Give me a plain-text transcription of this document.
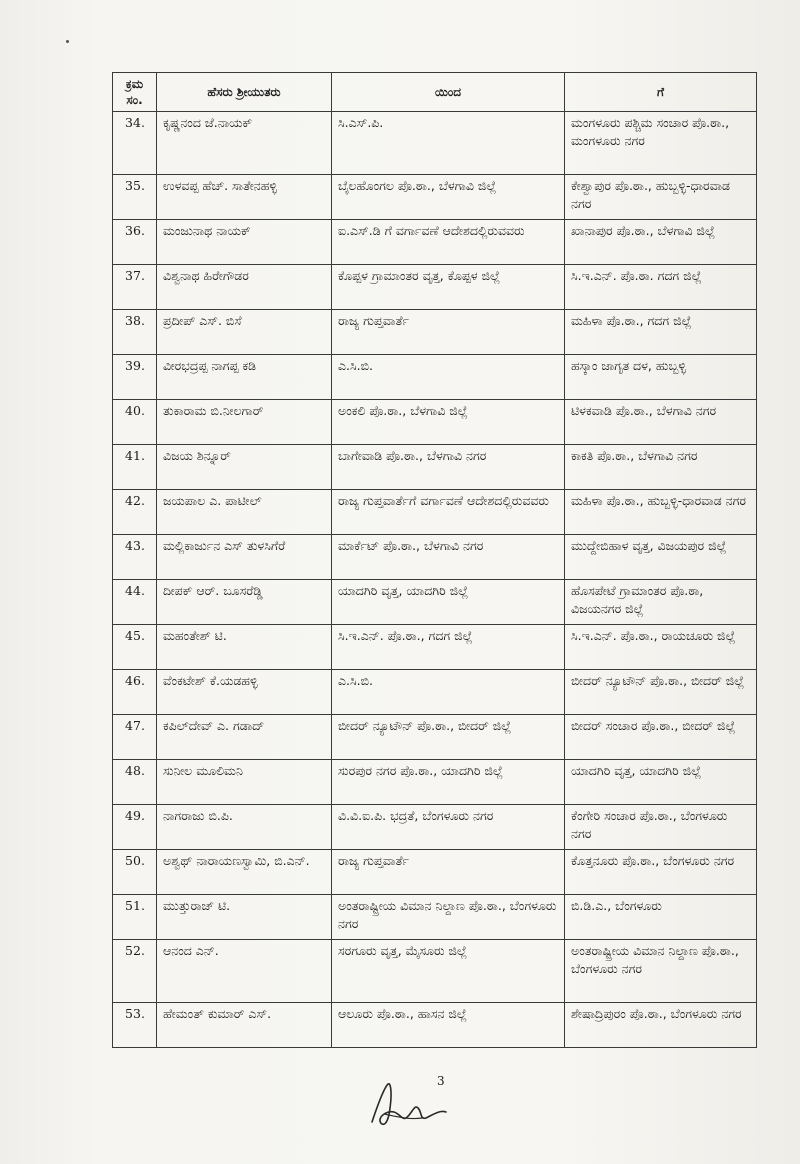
ಕ್ರಮ ಸಂ.	ಹೆಸರು ಶ್ರೀಯುತರು	ಯಿಂದ	ಗೆ
34.	ಕೃಷ್ಣನಂದ ಜೆ.ನಾಯಕ್	ಸಿ.ಎಸ್.ಪಿ.	ಮಂಗಳೂರು ಪಶ್ಚಿಮ ಸಂಚಾರ ಪೊ.ಠಾ., ಮಂಗಳೂರು ನಗರ
35.	ಉಳವಪ್ಪ ಹೆಚ್. ಸಾತೇನಹಳ್ಳಿ	ಬೈಲಹೊಂಗಲ ಪೊ.ಠಾ., ಬೆಳಗಾವಿ ಜಿಲ್ಲೆ	ಕೇಶ್ವಾಪುರ ಪೊ.ಠಾ., ಹುಬ್ಬಳ್ಳಿ-ಧಾರವಾಡ ನಗರ
36.	ಮಂಜುನಾಥ ನಾಯಕ್	ಐ.ಎಸ್.ಡಿ ಗೆ ವರ್ಗಾವಣೆ ಆದೇಶದಲ್ಲಿರುವವರು	ಖಾನಾಪುರ ಪೊ.ಠಾ., ಬೆಳಗಾವಿ ಜಿಲ್ಲೆ
37.	ವಿಶ್ವನಾಥ ಹಿರೇಗೌಡರ	ಕೊಪ್ಪಳ ಗ್ರಾಮಾಂತರ ವೃತ್ತ, ಕೊಪ್ಪಳ ಜಿಲ್ಲೆ	ಸಿ.ಇ.ಎನ್. ಪೊ.ಠಾ. ಗದಗ ಜಿಲ್ಲೆ
38.	ಪ್ರದೀಪ್ ಎಸ್. ಬಿಸೆ	ರಾಜ್ಯ ಗುಪ್ತವಾರ್ತೆ	ಮಹಿಳಾ ಪೊ.ಠಾ., ಗದಗ ಜಿಲ್ಲೆ
39.	ವೀರಭದ್ರಪ್ಪ ನಾಗಪ್ಪ ಕಡಿ	ಎ.ಸಿ.ಬಿ.	ಹಸ್ಕಾಂ ಜಾಗೃತ ದಳ, ಹುಬ್ಬಳ್ಳಿ
40.	ತುಕಾರಾಮ ಬಿ.ನೀಲಗಾರ್	ಅಂಕಲಿ ಪೊ.ಠಾ., ಬೆಳಗಾವಿ ಜಿಲ್ಲೆ	ಟಿಳಕವಾಡಿ ಪೊ.ಠಾ., ಬೆಳಗಾವಿ ನಗರ
41.	ವಿಜಯ ಶಿನ್ನೂರ್	ಬಾಗೇವಾಡಿ ಪೊ.ಠಾ., ಬೆಳಗಾವಿ ನಗರ	ಕಾಕತಿ ಪೊ.ಠಾ., ಬೆಳಗಾವಿ ನಗರ
42.	ಜಯಪಾಲ ಎ. ಪಾಟೀಲ್	ರಾಜ್ಯ ಗುಪ್ತವಾರ್ತೆಗೆ ವರ್ಗಾವಣೆ ಆದೇಶದಲ್ಲಿರುವವರು	ಮಹಿಳಾ ಪೊ.ಠಾ., ಹುಬ್ಬಳ್ಳಿ-ಧಾರವಾಡ ನಗರ
43.	ಮಲ್ಲಿಕಾರ್ಜುನ ಎಸ್ ತುಳಸಿಗೆರೆ	ಮಾರ್ಕೆಟ್ ಪೊ.ಠಾ., ಬೆಳಗಾವಿ ನಗರ	ಮುದ್ದೇಬಿಹಾಳ ವೃತ್ತ, ವಿಜಯಪುರ ಜಿಲ್ಲೆ
44.	ದೀಪಕ್ ಆರ್. ಬೂಸರೆಡ್ಡಿ	ಯಾದಗಿರಿ ವೃತ್ತ, ಯಾದಗಿರಿ ಜಿಲ್ಲೆ	ಹೊಸಪೇಟೆ ಗ್ರಾಮಾಂತರ ಪೊ.ಠಾ, ವಿಜಯನಗರ ಜಿಲ್ಲೆ
45.	ಮಹಂತೇಶ್ ಟಿ.	ಸಿ.ಇ.ಎನ್. ಪೊ.ಠಾ., ಗದಗ ಜಿಲ್ಲೆ	ಸಿ.ಇ.ಎನ್. ಪೊ.ಠಾ., ರಾಯಚೂರು ಜಿಲ್ಲೆ
46.	ವೆಂಕಟೇಶ್ ಕೆ.ಯಡಹಳ್ಳಿ	ಎ.ಸಿ.ಬಿ.	ಬೀದರ್ ನ್ಯೂಟೌನ್ ಪೊ.ಠಾ., ಬೀದರ್ ಜಿಲ್ಲೆ
47.	ಕಪಿಲ್‌ದೇವ್ ಎ. ಗಡಾದ್	ಬೀದರ್ ನ್ಯೂಟೌನ್ ಪೊ.ಠಾ., ಬೀದರ್ ಜಿಲ್ಲೆ	ಬೀದರ್ ಸಂಚಾರ ಪೊ.ಠಾ., ಬೀದರ್ ಜಿಲ್ಲೆ
48.	ಸುನೀಲ ಮೂಲಿಮನಿ	ಸುರಪುರ ನಗರ ಪೊ.ಠಾ., ಯಾದಗಿರಿ ಜಿಲ್ಲೆ	ಯಾದಗಿರಿ ವೃತ್ತ, ಯಾದಗಿರಿ ಜಿಲ್ಲೆ
49.	ನಾಗರಾಜು ಬಿ.ಪಿ.	ವಿ.ವಿ.ಐ.ಪಿ. ಭದ್ರತೆ, ಬೆಂಗಳೂರು ನಗರ	ಕೆಂಗೇರಿ ಸಂಚಾರ ಪೊ.ಠಾ., ಬೆಂಗಳೂರು ನಗರ
50.	ಅಶ್ವಥ್ ನಾರಾಯಣಸ್ವಾಮಿ, ಬಿ.ಎನ್.	ರಾಜ್ಯ ಗುಪ್ತವಾರ್ತೆ	ಕೊತ್ತನೂರು ಪೊ.ಠಾ., ಬೆಂಗಳೂರು ನಗರ
51.	ಮುತ್ತುರಾಜ್ ಟಿ.	ಅಂತರಾಷ್ಟ್ರೀಯ ವಿಮಾನ ನಿಲ್ದಾಣ ಪೊ.ಠಾ., ಬೆಂಗಳೂರು ನಗರ	ಬಿ.ಡಿ.ಎ., ಬೆಂಗಳೂರು
52.	ಆನಂದ ಎನ್.	ಸರಗೂರು ವೃತ್ತ, ಮೈಸೂರು ಜಿಲ್ಲೆ	ಅಂತರಾಷ್ಟ್ರೀಯ ವಿಮಾನ ನಿಲ್ದಾಣ ಪೊ.ಠಾ., ಬೆಂಗಳೂರು ನಗರ
53.	ಹೇಮಂತ್ ಕುಮಾರ್ ಎಸ್.	ಆಲೂರು ಪೊ.ಠಾ., ಹಾಸನ ಜಿಲ್ಲೆ	ಶೇಷಾದ್ರಿಪುರಂ ಪೊ.ಠಾ., ಬೆಂಗಳೂರು ನಗರ
3
